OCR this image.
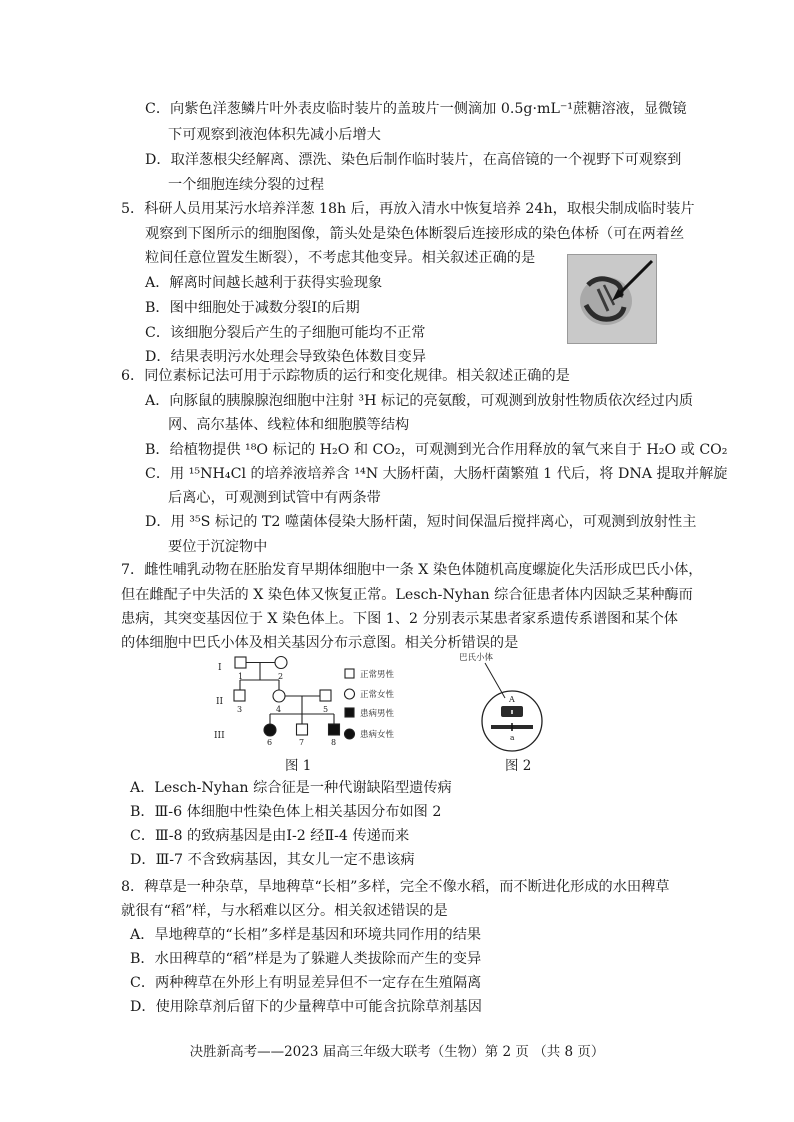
C．向紫色洋葱鳞片叶外表皮临时装片的盖玻片一侧滴加 0.5g·mL⁻¹蔗糖溶液，显微镜
下可观察到液泡体积先减小后增大
D．取洋葱根尖经解离、漂洗、染色后制作临时装片，在高倍镜的一个视野下可观察到
一个细胞连续分裂的过程
5．科研人员用某污水培养洋葱 18h 后，再放入清水中恢复培养 24h，取根尖制成临时装片
观察到下图所示的细胞图像，箭头处是染色体断裂后连接形成的染色体桥（可在两着丝
粒间任意位置发生断裂），不考虑其他变异。相关叙述正确的是
A．解离时间越长越利于获得实验现象
B．图中细胞处于减数分裂Ⅰ的后期
C．该细胞分裂后产生的子细胞可能均不正常
D．结果表明污水处理会导致染色体数目变异
6．同位素标记法可用于示踪物质的运行和变化规律。相关叙述正确的是
A．向豚鼠的胰腺腺泡细胞中注射 ³H 标记的亮氨酸，可观测到放射性物质依次经过内质
网、高尔基体、线粒体和细胞膜等结构
B．给植物提供 ¹⁸O 标记的 H₂O 和 CO₂，可观测到光合作用释放的氧气来自于 H₂O 或 CO₂
C．用 ¹⁵NH₄Cl 的培养液培养含 ¹⁴N 大肠杆菌，大肠杆菌繁殖 1 代后，将 DNA 提取并解旋
后离心，可观测到试管中有两条带
D．用 ³⁵S 标记的 T2 噬菌体侵染大肠杆菌，短时间保温后搅拌离心，可观测到放射性主
要位于沉淀物中
7．雌性哺乳动物在胚胎发育早期体细胞中一条 X 染色体随机高度螺旋化失活形成巴氏小体，
但在雌配子中失活的 X 染色体又恢复正常。Lesch-Nyhan 综合征患者体内因缺乏某种酶而
患病，其突变基因位于 X 染色体上。下图 1、2 分别表示某患者家系遗传系谱图和某个体
的体细胞中巴氏小体及相关基因分布示意图。相关分析错误的是
I
II
III
1	2
3	4	5
6	7	8
正常男性
正常女性
患病男性
患病女性
图 1
巴氏小体
A
a
图 2
A．Lesch-Nyhan 综合征是一种代谢缺陷型遗传病
B．Ⅲ-6 体细胞中性染色体上相关基因分布如图 2
C．Ⅲ-8 的致病基因是由Ⅰ-2 经Ⅱ-4 传递而来
D．Ⅲ-7 不含致病基因，其女儿一定不患该病
8．稗草是一种杂草，旱地稗草“长相”多样，完全不像水稻，而不断进化形成的水田稗草
就很有“稻”样，与水稻难以区分。相关叙述错误的是
A．旱地稗草的“长相”多样是基因和环境共同作用的结果
B．水田稗草的“稻”样是为了躲避人类拔除而产生的变异
C．两种稗草在外形上有明显差异但不一定存在生殖隔离
D．使用除草剂后留下的少量稗草中可能含抗除草剂基因
决胜新高考——2023 届高三年级大联考（生物）第 2 页 （共 8 页）
